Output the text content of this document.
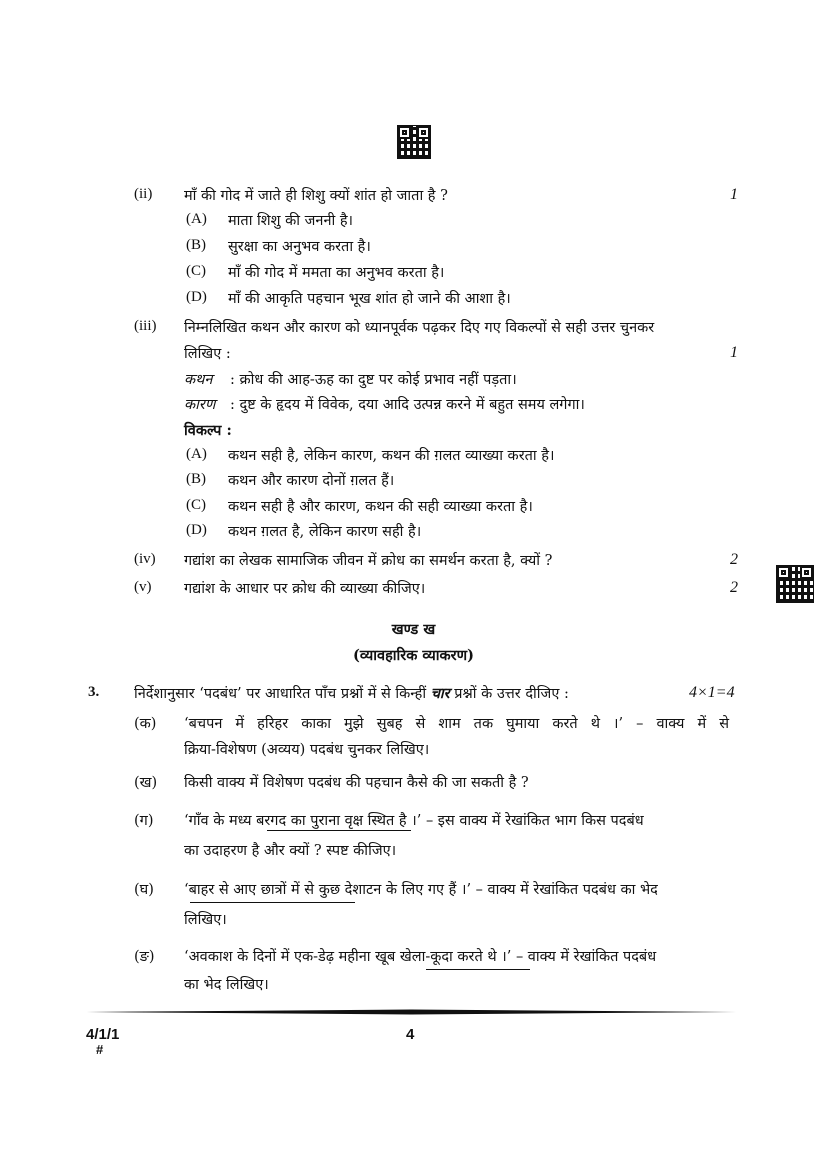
(ii) माँ की गोद में जाते ही शिशु क्यों शांत हो जाता है ?	1
(A) माता शिशु की जननी है।
(B) सुरक्षा का अनुभव करता है।
(C) माँ की गोद में ममता का अनुभव करता है।
(D) माँ की आकृति पहचान भूख शांत हो जाने की आशा है।
(iii) निम्नलिखित कथन और कारण को ध्यानपूर्वक पढ़कर दिए गए विकल्पों से सही उत्तर चुनकर
लिखिए :	1
कथन : क्रोध की आह-ऊह का दुष्ट पर कोई प्रभाव नहीं पड़ता।
कारण : दुष्ट के हृदय में विवेक, दया आदि उत्पन्न करने में बहुत समय लगेगा।
विकल्प :
(A) कथन सही है, लेकिन कारण, कथन की ग़लत व्याख्या करता है।
(B) कथन और कारण दोनों ग़लत हैं।
(C) कथन सही है और कारण, कथन की सही व्याख्या करता है।
(D) कथन ग़लत है, लेकिन कारण सही है।
(iv) गद्यांश का लेखक सामाजिक जीवन में क्रोध का समर्थन करता है, क्यों ?	2
(v) गद्यांश के आधार पर क्रोध की व्याख्या कीजिए।	2
खण्ड ख
(व्यावहारिक व्याकरण)
3. निर्देशानुसार ‘पदबंध’ पर आधारित पाँच प्रश्नों में से किन्हीं चार प्रश्नों के उत्तर दीजिए :	4×1=4
(क) ‘बचपन में हरिहर काका मुझे सुबह से शाम तक घुमाया करते थे ।’ – वाक्य में से
क्रिया-विशेषण (अव्यय) पदबंध चुनकर लिखिए।
(ख) किसी वाक्य में विशेषण पदबंध की पहचान कैसे की जा सकती है ?
(ग) ‘गाँव के मध्य बरगद का पुराना वृक्ष स्थित है ।’ – इस वाक्य में रेखांकित भाग किस पदबंध
का उदाहरण है और क्यों ? स्पष्ट कीजिए।
(घ) ‘बाहर से आए छात्रों में से कुछ देशाटन के लिए गए हैं ।’ – वाक्य में रेखांकित पदबंध का भेद
लिखिए।
(ङ) ‘अवकाश के दिनों में एक-डेढ़ महीना खूब खेला-कूदा करते थे ।’ – वाक्य में रेखांकित पदबंध
का भेद लिखिए।
4/1/1	4
#
